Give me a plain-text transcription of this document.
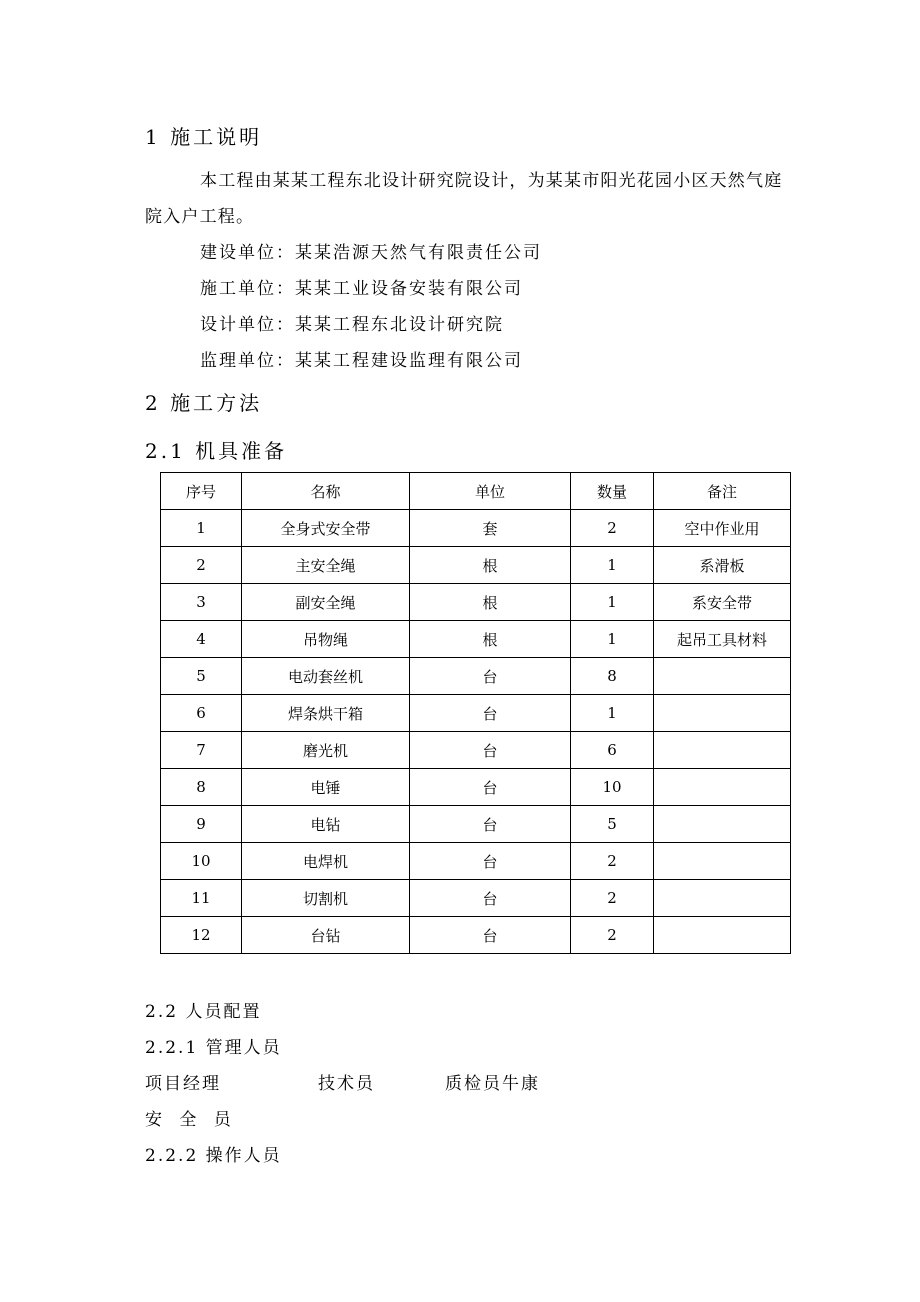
1 施工说明
本工程由某某工程东北设计研究院设计，为某某市阳光花园小区天然气庭
院入户工程。
建设单位：某某浩源天然气有限责任公司
施工单位：某某工业设备安装有限公司
设计单位：某某工程东北设计研究院
监理单位：某某工程建设监理有限公司
2 施工方法
2.1 机具准备
序号	名称	单位	数量	备注
1	全身式安全带	套	2	空中作业用
2	主安全绳	根	1	系滑板
3	副安全绳	根	1	系安全带
4	吊物绳	根	1	起吊工具材料
5	电动套丝机	台	8	
6	焊条烘干箱	台	1	
7	磨光机	台	6	
8	电锤	台	10	
9	电钻	台	5	
10	电焊机	台	2	
11	切割机	台	2	
12	台钻	台	2	
2.2 人员配置
2.2.1 管理人员
项目经理	技术员	质检员牛康
安 全 员
2.2.2 操作人员
